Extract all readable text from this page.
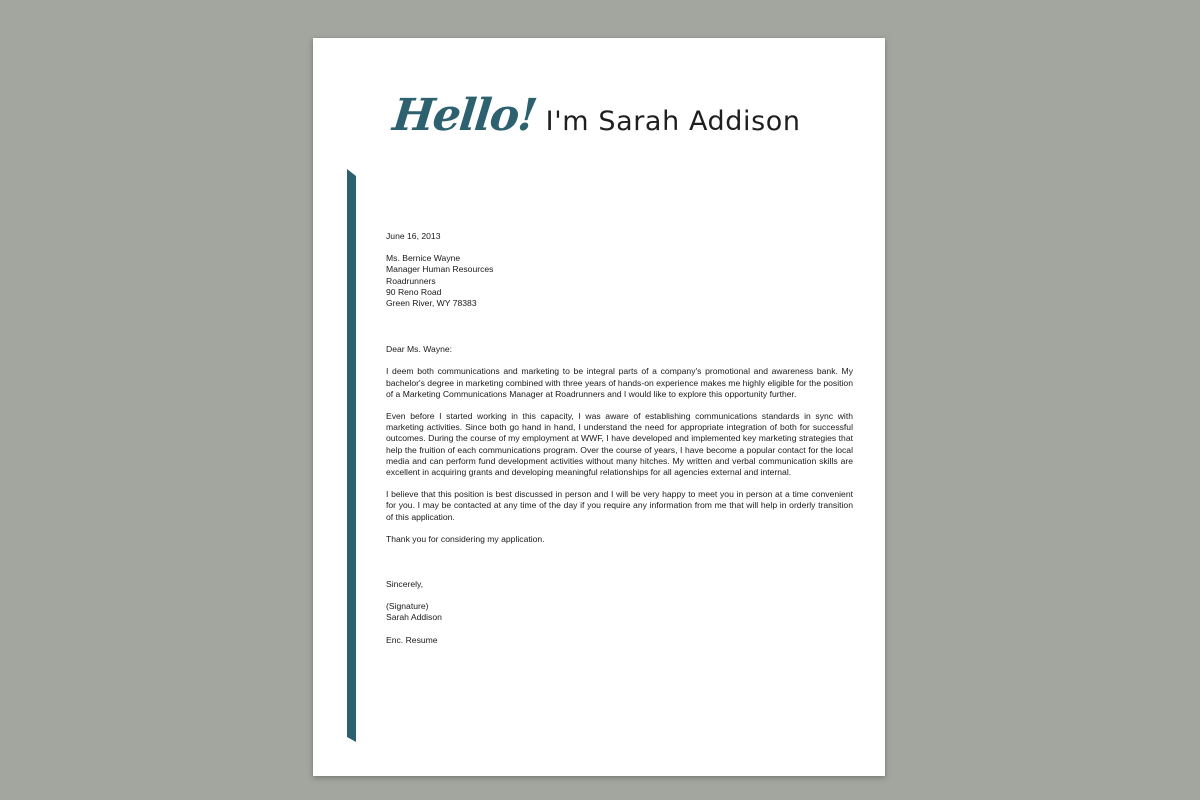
Hello! I'm Sarah Addison
June 16, 2013
Ms. Bernice Wayne
Manager Human Resources
Roadrunners
90 Reno Road
Green River, WY 78383
Dear Ms. Wayne:
I deem both communications and marketing to be integral parts of a company's promotional and awareness bank. My bachelor's degree in marketing combined with three years of hands-on experience makes me highly eligible for the position of a Marketing Communications Manager at Roadrunners and I would like to explore this opportunity further.
Even before I started working in this capacity, I was aware of establishing communications standards in sync with marketing activities. Since both go hand in hand, I understand the need for appropriate integration of both for successful outcomes. During the course of my employment at WWF, I have developed and implemented key marketing strategies that help the fruition of each communications program. Over the course of years, I have become a popular contact for the local media and can perform fund development activities without many hitches. My written and verbal communication skills are excellent in acquiring grants and developing meaningful relationships for all agencies external and internal.
I believe that this position is best discussed in person and I will be very happy to meet you in person at a time convenient for you. I may be contacted at any time of the day if you require any information from me that will help in orderly transition of this application.
Thank you for considering my application.
Sincerely,
(Signature)
Sarah Addison
Enc. Resume
